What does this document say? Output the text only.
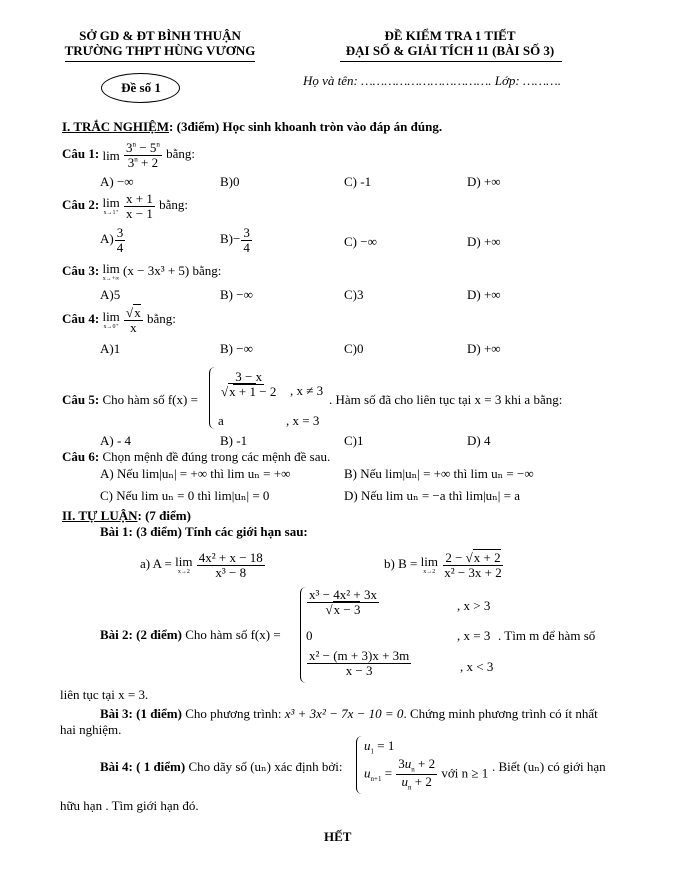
SỞ GD & ĐT BÌNH THUẬN
TRƯỜNG THPT HÙNG VƯƠNG
ĐỀ KIỂM TRA 1 TIẾT
ĐẠI SỐ & GIẢI TÍCH 11 (BÀI SỐ 3)
Đề số 1	Họ và tên: ……………………………. Lớp: ……….
I. TRẮC NGHIỆM: (3điểm) Học sinh khoanh tròn vào đáp án đúng.
Câu 1: lim
$\frac{3^n - 5^n}{3^n + 2}$ bằng:
A) −∞	B)0	C) -1	D) +∞
Câu 2: lim
x→1⁺
$\frac{x + 1}{x - 1}$ bằng:
$A) \frac{3}{4}$	$B)- \frac{3}{4}$	C) −∞	D) +∞
Câu 3: lim
x→+∞
(x − 3x³ + 5) bằng:
A)5	B) −∞	C)3	D) +∞
Câu 4: lim
x→0⁺
$\frac{√x}{x}$ bằng:
A)1	B) −∞	C)0	D) +∞
Câu 5: Cho hàm số f(x) =
$\frac{3 - x}{√x + 1 - 2}$ , x ≠ 3
a	, x = 3
. Hàm số đã cho liên tục tại x = 3 khi a bằng:
A) - 4	B) -1	C)1	D) 4
Câu 6: Chọn mệnh đề đúng trong các mệnh đề sau.
A) Nếu lim|uₙ| = +∞ thì lim uₙ = +∞	B) Nếu lim|uₙ| = +∞ thì lim uₙ = −∞
C) Nếu lim uₙ = 0 thì lim|uₙ| = 0	D) Nếu lim uₙ = −a thì lim|uₙ| = a
II. TỰ LUẬN: (7 điểm)
Bài 1: (3 điểm) Tính các giới hạn sau:
a) A = lim
x→2
$\frac{\text{4x² + x − 18}}{\text{x³ − 8}}$	b) B = lim
x→2
$\frac{2 - √x + 2}{\text{x² − 3x + 2}}$
Bài 2: (2 điểm) Cho hàm số f(x) =
$\frac{\text{x³ − 4x² + 3x}}{√x - 3}$	, x > 3
0	, x = 3 . Tìm m để hàm số
$\frac{\text{x² − (m + 3)x + 3m}}{x - 3}$	, x < 3
liên tục tại x = 3.
Bài 3: (1 điểm) Cho phương trình: x³ + 3x² − 7x − 10 = 0. Chứng minh phương trình có ít nhất
hai nghiệm.
Bài 4: ( 1 điểm) Cho dãy số (uₙ) xác định bởi:
$u_1 = 1$
$u_{n+1} = \frac{3u_n + 2}{u_n + 2}$ với n ≥ 1 . Biết (uₙ) có giới hạn
hữu hạn . Tìm giới hạn đó.
HẾT
